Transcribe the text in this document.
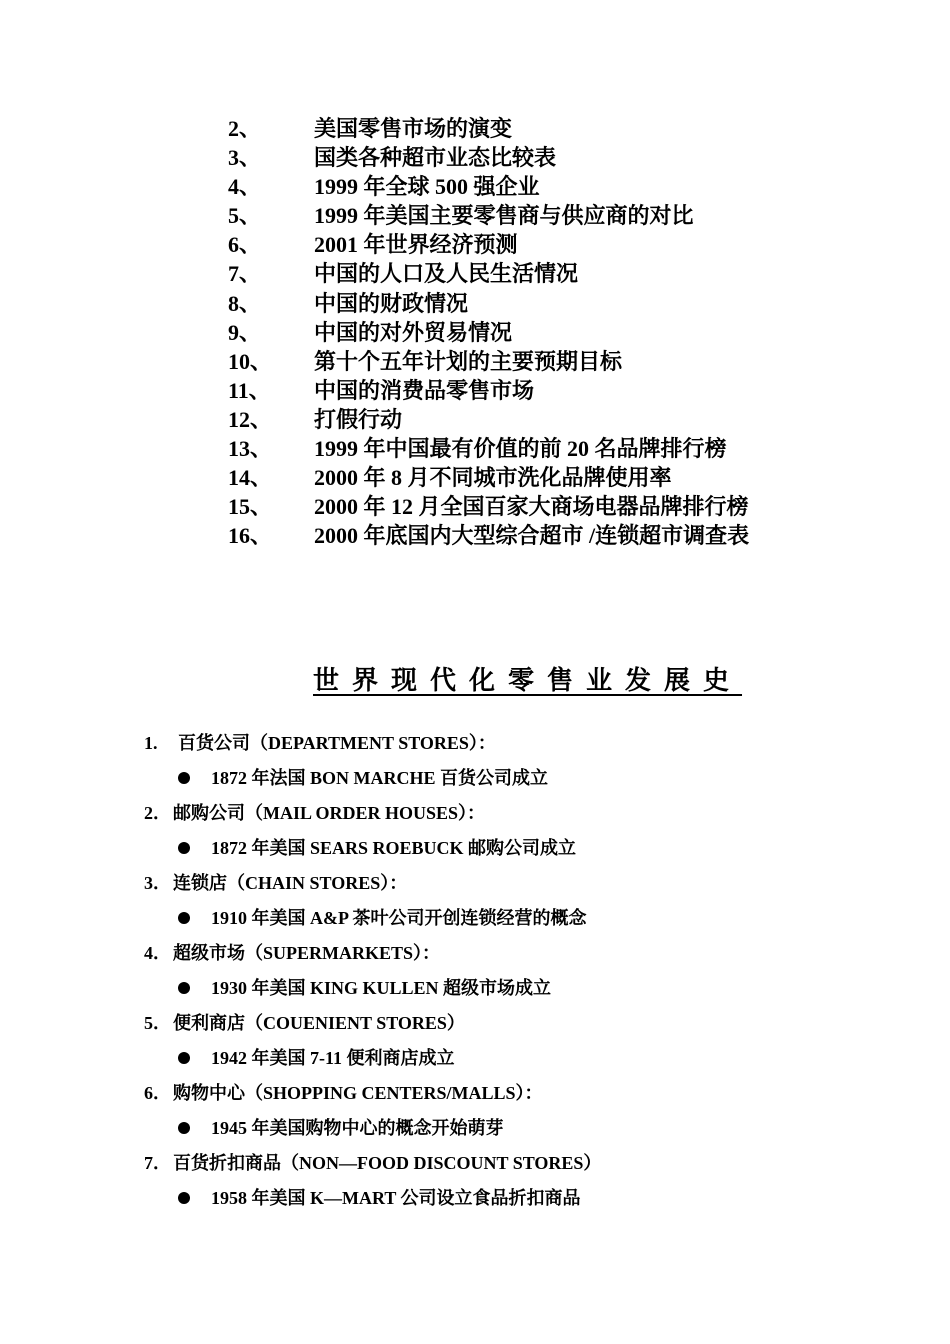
2、 美国零售市场的演变
3、 国类各种超市业态比较表
4、 1999 年全球 500 强企业
5、 1999 年美国主要零售商与供应商的对比
6、 2001 年世界经济预测
7、 中国的人口及人民生活情况
8、 中国的财政情况
9、 中国的对外贸易情况
10、 第十个五年计划的主要预期目标
11、 中国的消费品零售市场
12、 打假行动
13、 1999 年中国最有价值的前 20 名品牌排行榜
14、 2000 年 8 月不同城市洗化品牌使用率
15、 2000 年 12 月全国百家大商场电器品牌排行榜
16、 2000 年底国内大型综合超市 /连锁超市调查表
世界现代化零售业发展史
1. 百货公司（DEPARTMENT STORES）：
1872 年法国 BON MARCHE 百货公司成立
2． 邮购公司（MAIL ORDER HOUSES）：
1872 年美国 SEARS ROEBUCK 邮购公司成立
3． 连锁店（CHAIN STORES）：
1910 年美国 A&P 茶叶公司开创连锁经营的概念
4． 超级市场（SUPERMARKETS）：
1930 年美国 KING KULLEN 超级市场成立
5． 便利商店（COUENIENT STORES）
1942 年美国 7-11 便利商店成立
6． 购物中心（SHOPPING CENTERS/MALLS）：
1945 年美国购物中心的概念开始萌芽
7． 百货折扣商品（NON—FOOD DISCOUNT STORES）
1958 年美国 K—MART 公司设立食品折扣商品
